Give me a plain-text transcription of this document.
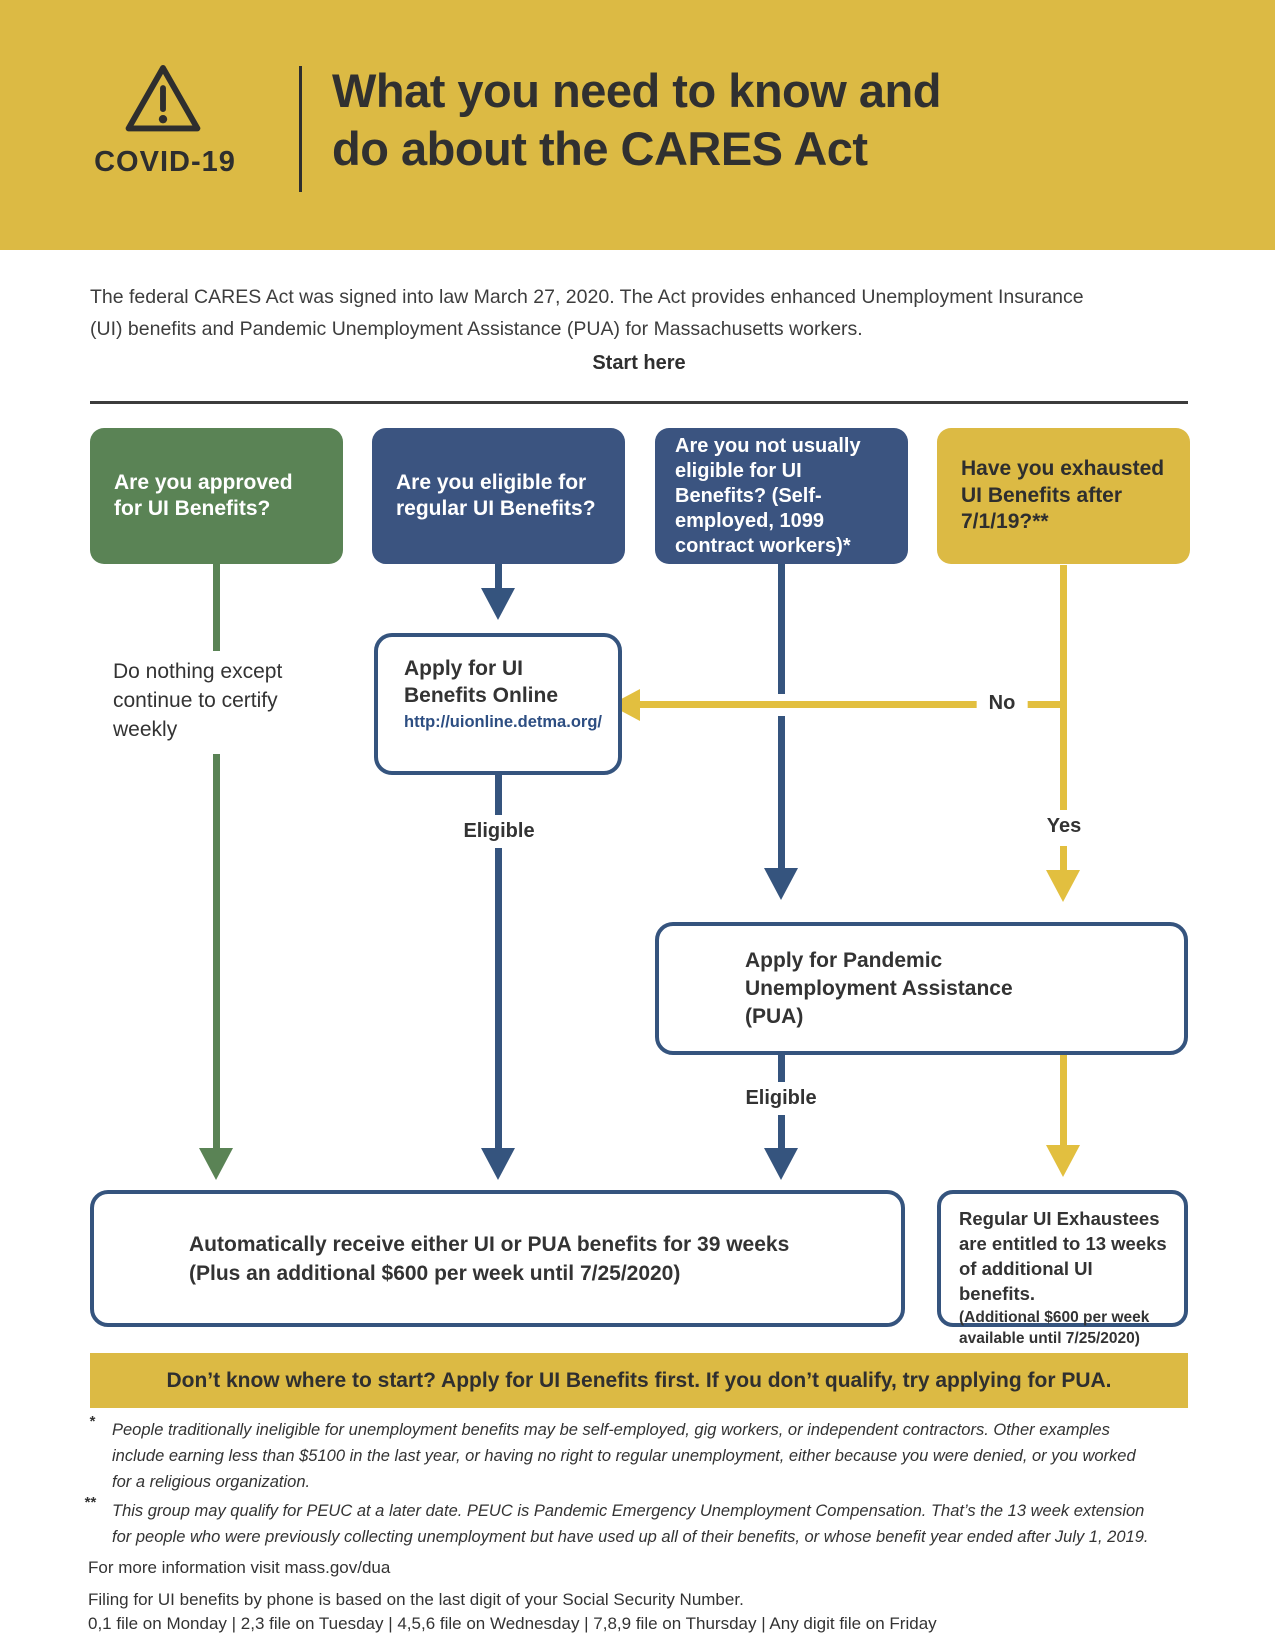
COVID-19
What you need to know and
do about the CARES Act
The federal CARES Act was signed into law March 27, 2020. The Act provides enhanced Unemployment Insurance (UI) benefits and Pandemic Unemployment Assistance (PUA) for Massachusetts workers.
Start here
Are you approved for UI Benefits?
Are you eligible for regular UI Benefits?
Are you not usually eligible for UI Benefits? (Self-employed, 1099 contract workers)*
Have you exhausted UI Benefits after 7/1/19?**
Do nothing except continue to certify weekly
Eligible
No
Yes
Eligible
Apply for UI Benefits Online
http://uionline.detma.org/
Apply for Pandemic Unemployment Assistance (PUA)
Automatically receive either UI or PUA benefits for 39 weeks
(Plus an additional $600 per week until 7/25/2020)
Regular UI Exhaustees are entitled to 13 weeks of additional UI benefits.
(Additional $600 per week available until 7/25/2020)
Don’t know where to start? Apply for UI Benefits first. If you don’t qualify, try applying for PUA.
* People traditionally ineligible for unemployment benefits may be self-employed, gig workers, or independent contractors. Other examples include earning less than $5100 in the last year, or having no right to regular unemployment, either because you were denied, or you worked for a religious organization.
** This group may qualify for PEUC at a later date. PEUC is Pandemic Emergency Unemployment Compensation. That’s the 13 week extension for people who were previously collecting unemployment but have used up all of their benefits, or whose benefit year ended after July 1, 2019.
For more information visit mass.gov/dua
Filing for UI benefits by phone is based on the last digit of your Social Security Number.
0,1 file on Monday | 2,3 file on Tuesday | 4,5,6 file on Wednesday | 7,8,9 file on Thursday | Any digit file on Friday
